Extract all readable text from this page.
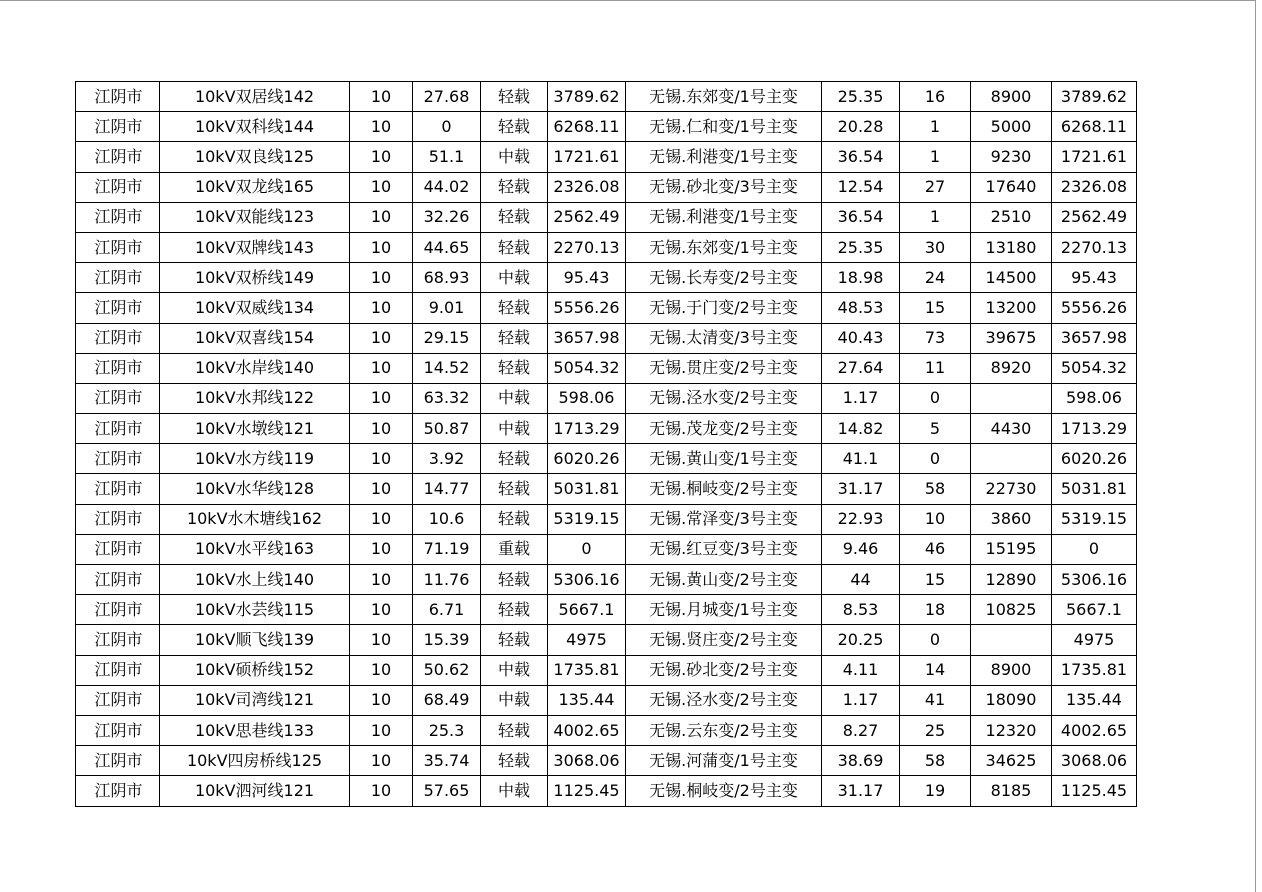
江阴市	10kV双居线142	10	27.68	轻载	3789.62	无锡.东郊变/1号主变	25.35	16	8900	3789.62
江阴市	10kV双科线144	10	0	轻载	6268.11	无锡.仁和变/1号主变	20.28	1	5000	6268.11
江阴市	10kV双良线125	10	51.1	中载	1721.61	无锡.利港变/1号主变	36.54	1	9230	1721.61
江阴市	10kV双龙线165	10	44.02	轻载	2326.08	无锡.砂北变/3号主变	12.54	27	17640	2326.08
江阴市	10kV双能线123	10	32.26	轻载	2562.49	无锡.利港变/1号主变	36.54	1	2510	2562.49
江阴市	10kV双牌线143	10	44.65	轻载	2270.13	无锡.东郊变/1号主变	25.35	30	13180	2270.13
江阴市	10kV双桥线149	10	68.93	中载	95.43	无锡.长寿变/2号主变	18.98	24	14500	95.43
江阴市	10kV双威线134	10	9.01	轻载	5556.26	无锡.于门变/2号主变	48.53	15	13200	5556.26
江阴市	10kV双喜线154	10	29.15	轻载	3657.98	无锡.太清变/3号主变	40.43	73	39675	3657.98
江阴市	10kV水岸线140	10	14.52	轻载	5054.32	无锡.贯庄变/2号主变	27.64	11	8920	5054.32
江阴市	10kV水邦线122	10	63.32	中载	598.06	无锡.泾水变/2号主变	1.17	0		598.06
江阴市	10kV水墩线121	10	50.87	中载	1713.29	无锡.茂龙变/2号主变	14.82	5	4430	1713.29
江阴市	10kV水方线119	10	3.92	轻载	6020.26	无锡.黄山变/1号主变	41.1	0		6020.26
江阴市	10kV水华线128	10	14.77	轻载	5031.81	无锡.桐岐变/2号主变	31.17	58	22730	5031.81
江阴市	10kV水木塘线162	10	10.6	轻载	5319.15	无锡.常泽变/3号主变	22.93	10	3860	5319.15
江阴市	10kV水平线163	10	71.19	重载	0	无锡.红豆变/3号主变	9.46	46	15195	0
江阴市	10kV水上线140	10	11.76	轻载	5306.16	无锡.黄山变/2号主变	44	15	12890	5306.16
江阴市	10kV水芸线115	10	6.71	轻载	5667.1	无锡.月城变/1号主变	8.53	18	10825	5667.1
江阴市	10kV顺飞线139	10	15.39	轻载	4975	无锡.贤庄变/2号主变	20.25	0		4975
江阴市	10kV硕桥线152	10	50.62	中载	1735.81	无锡.砂北变/2号主变	4.11	14	8900	1735.81
江阴市	10kV司湾线121	10	68.49	中载	135.44	无锡.泾水变/2号主变	1.17	41	18090	135.44
江阴市	10kV思巷线133	10	25.3	轻载	4002.65	无锡.云东变/2号主变	8.27	25	12320	4002.65
江阴市	10kV四房桥线125	10	35.74	轻载	3068.06	无锡.河蒲变/1号主变	38.69	58	34625	3068.06
江阴市	10kV泗河线121	10	57.65	中载	1125.45	无锡.桐岐变/2号主变	31.17	19	8185	1125.45
